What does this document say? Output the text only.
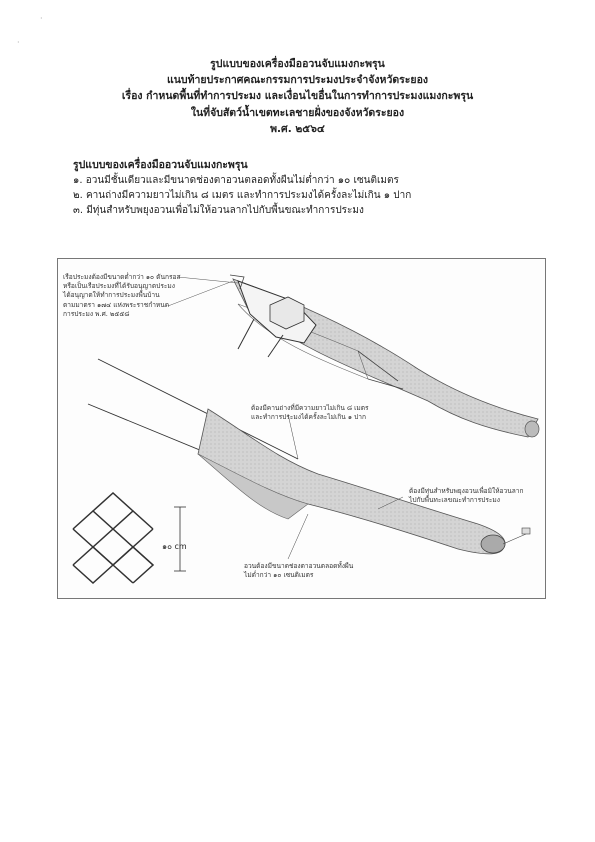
·
·
รูปแบบของเครื่องมืออวนจับแมงกะพรุน
แนบท้ายประกาศคณะกรรมการประมงประจำจังหวัดระยอง
เรื่อง กำหนดพื้นที่ทำการประมง และเงื่อนไขอื่นในการทำการประมงแมงกะพรุน
ในที่จับสัตว์น้ำเขตทะเลชายฝั่งของจังหวัดระยอง
พ.ศ. ๒๕๖๔
รูปแบบของเครื่องมืออวนจับแมงกะพรุน
๑. อวนมีชั้นเดียวและมีขนาดช่องตาอวนตลอดทั้งผืนไม่ต่ำกว่า ๑๐ เซนติเมตร
๒. คานถ่างมีความยาวไม่เกิน ๘ เมตร และทำการประมงได้ครั้งละไม่เกิน ๑ ปาก
๓. มีทุ่นสำหรับพยุงอวนเพื่อไม่ให้อวนลากไปกับพื้นขณะทำการประมง
เรือประมงต้องมีขนาดต่ำกว่า ๑๐ ตันกรอส
หรือเป็นเรือประมงที่ได้รับอนุญาตประมง
ได้อนุญาตให้ทำการประมงพื้นบ้าน
ตามมาตรา ๑๗๔ แห่งพระราชกำหนด
การประมง พ.ศ. ๒๕๕๘
ต้องมีคานถ่างที่มีความยาวไม่เกิน ๘ เมตร
และทำการประมงได้ครั้งละไม่เกิน ๑ ปาก
ต้องมีทุ่นสำหรับพยุงอวนเพื่อมิให้อวนลาก
ไปกับพื้นทะเลขณะทำการประมง
อวนต้องมีขนาดช่องตาอวนตลอดทั้งผืน
ไม่ต่ำกว่า ๑๐ เซนติเมตร
๑๐ cm
